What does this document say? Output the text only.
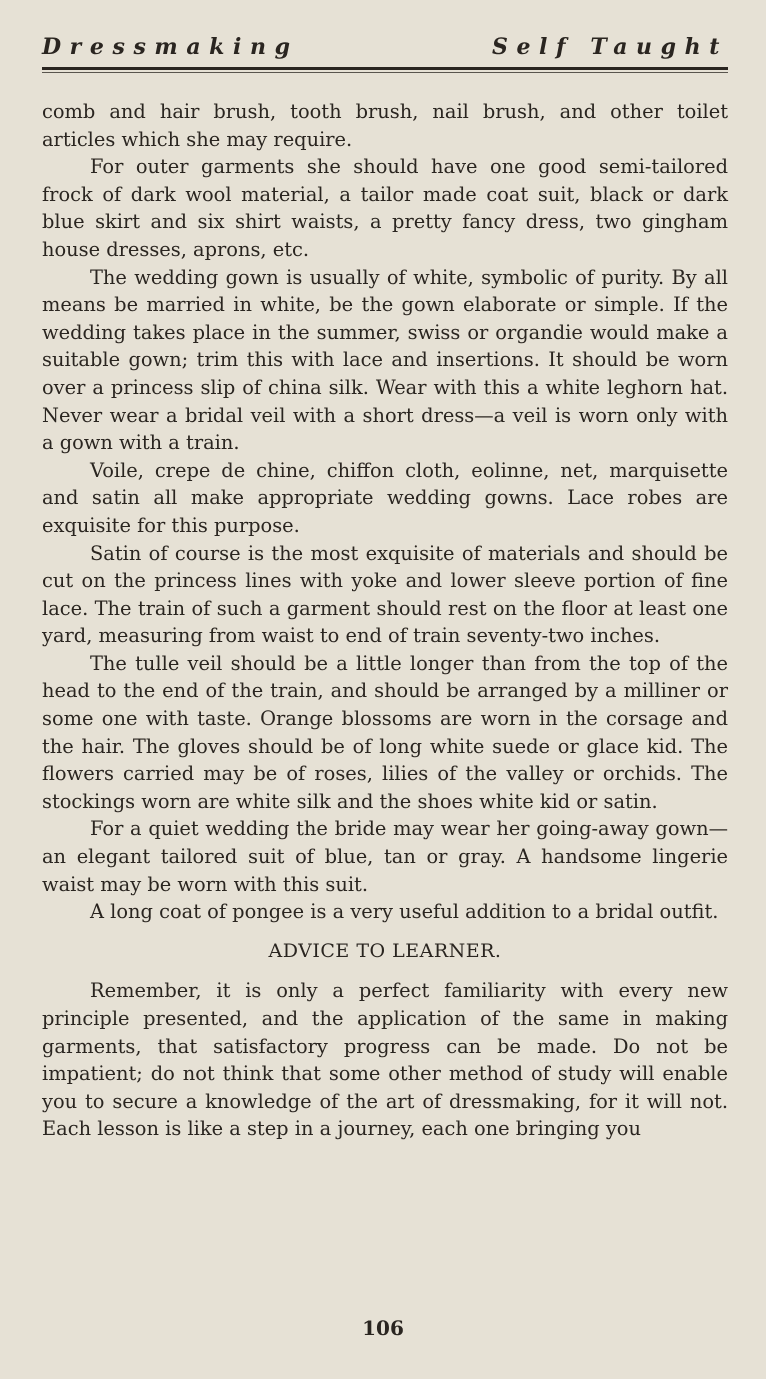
Dressmaking	Self Taught

comb and hair brush, tooth brush, nail brush, and other toilet articles which she may require.

For outer garments she should have one good semi-tailored frock of dark wool material, a tailor made coat suit, black or dark blue skirt and six shirt waists, a pretty fancy dress, two gingham house dresses, aprons, etc.

The wedding gown is usually of white, symbolic of purity. By all means be married in white, be the gown elaborate or simple. If the wedding takes place in the summer, swiss or organdie would make a suitable gown; trim this with lace and insertions. It should be worn over a princess slip of china silk. Wear with this a white leghorn hat. Never wear a bridal veil with a short dress—a veil is worn only with a gown with a train.

Voile, crepe de chine, chiffon cloth, eolinne, net, marquisette and satin all make appropriate wedding gowns. Lace robes are exquisite for this purpose.

Satin of course is the most exquisite of materials and should be cut on the princess lines with yoke and lower sleeve portion of fine lace. The train of such a garment should rest on the floor at least one yard, measuring from waist to end of train seventy-two inches.

The tulle veil should be a little longer than from the top of the head to the end of the train, and should be arranged by a milliner or some one with taste. Orange blossoms are worn in the corsage and the hair. The gloves should be of long white suede or glace kid. The flowers carried may be of roses, lilies of the valley or orchids. The stockings worn are white silk and the shoes white kid or satin.

For a quiet wedding the bride may wear her going-away gown—an elegant tailored suit of blue, tan or gray. A handsome lingerie waist may be worn with this suit.

A long coat of pongee is a very useful addition to a bridal outfit.

ADVICE TO LEARNER.

Remember, it is only a perfect familiarity with every new principle presented, and the application of the same in making garments, that satisfactory progress can be made. Do not be impatient; do not think that some other method of study will enable you to secure a knowledge of the art of dressmaking, for it will not. Each lesson is like a step in a journey, each one bringing you

106
